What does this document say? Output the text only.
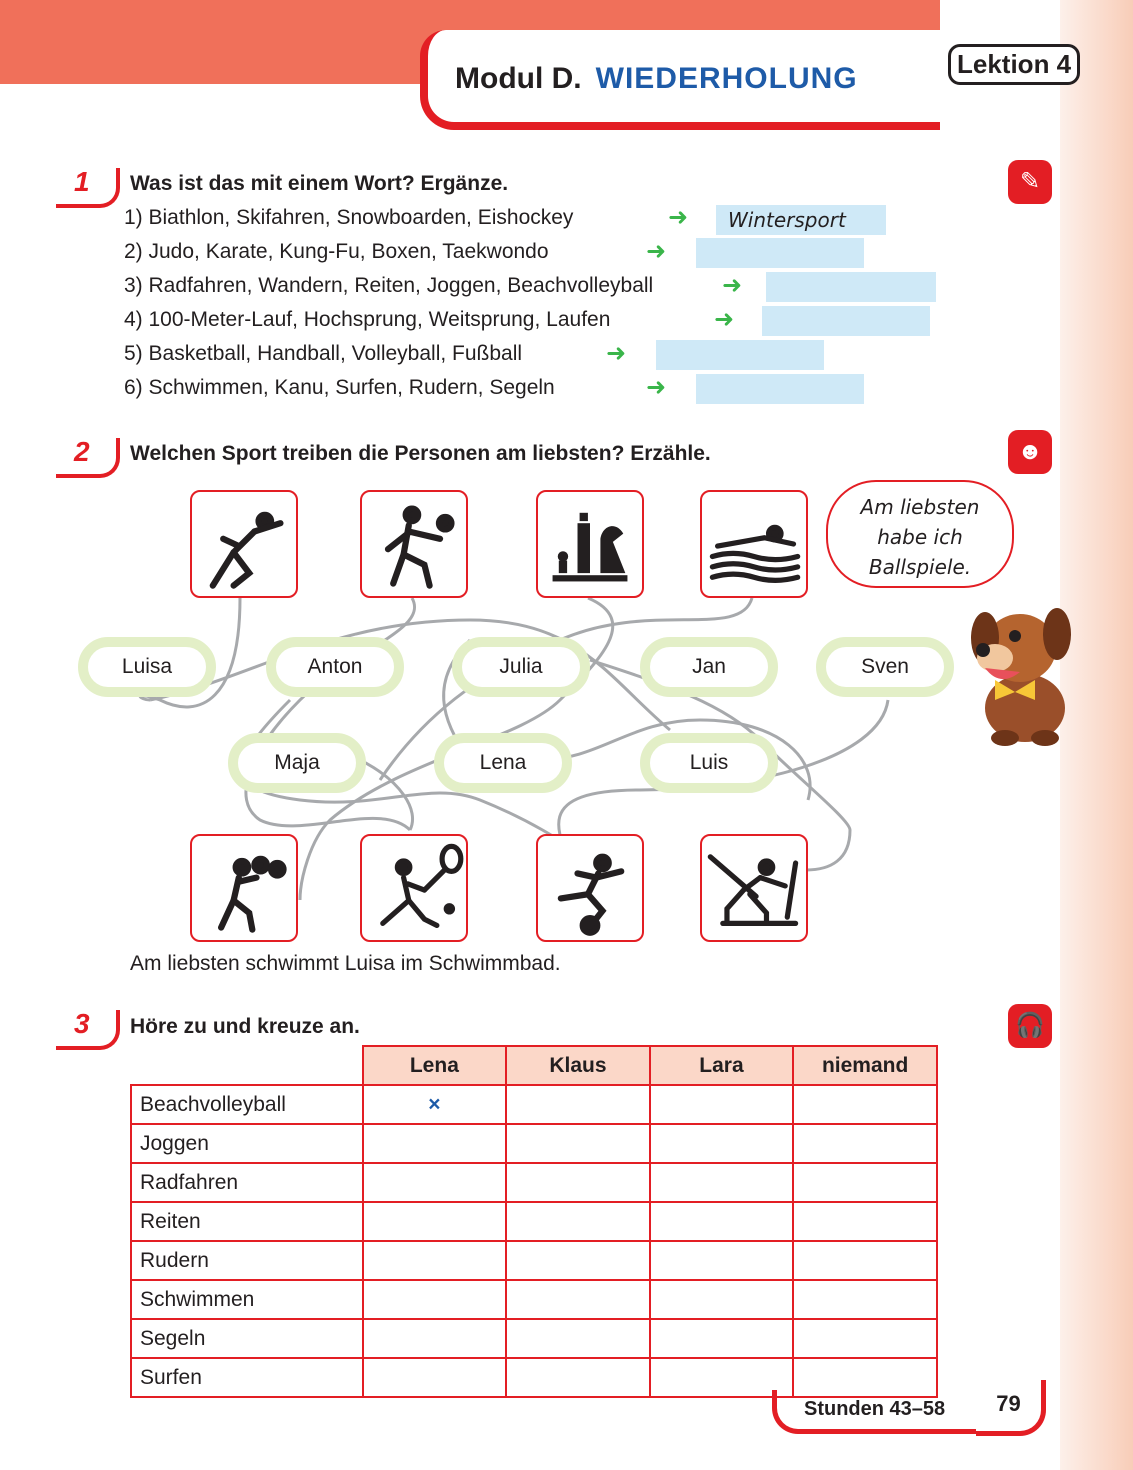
Modul D. WIEDERHOLUNG	Lektion 4
1 Was ist das mit einem Wort? Ergänze.	✎
1) Biathlon, Skifahren, Snowboarden, Eishockey	➜	Wintersport
2) Judo, Karate, Kung-Fu, Boxen, Taekwondo	➜
3) Radfahren, Wandern, Reiten, Joggen, Beachvolleyball	➜
4) 100-Meter-Lauf, Hochsprung, Weitsprung, Laufen	➜
5) Basketball, Handball, Volleyball, Fußball	➜
6) Schwimmen, Kanu, Surfen, Rudern, Segeln	➜
2 Welchen Sport treiben die Personen am liebsten? Erzähle.	☻
Am liebsten
habe ich
Ballspiele.
Luisa	Anton	Julia	Jan	Sven
Maja	Lena	Luis
Am liebsten schwimmt Luisa im Schwimmbad.
3 Höre zu und kreuze an.	🎧
	Lena	Klaus	Lara	niemand
Beachvolleyball	×			
Joggen				
Radfahren				
Reiten				
Rudern				
Schwimmen				
Segeln				
Surfen				
Stunden 43–58	79
